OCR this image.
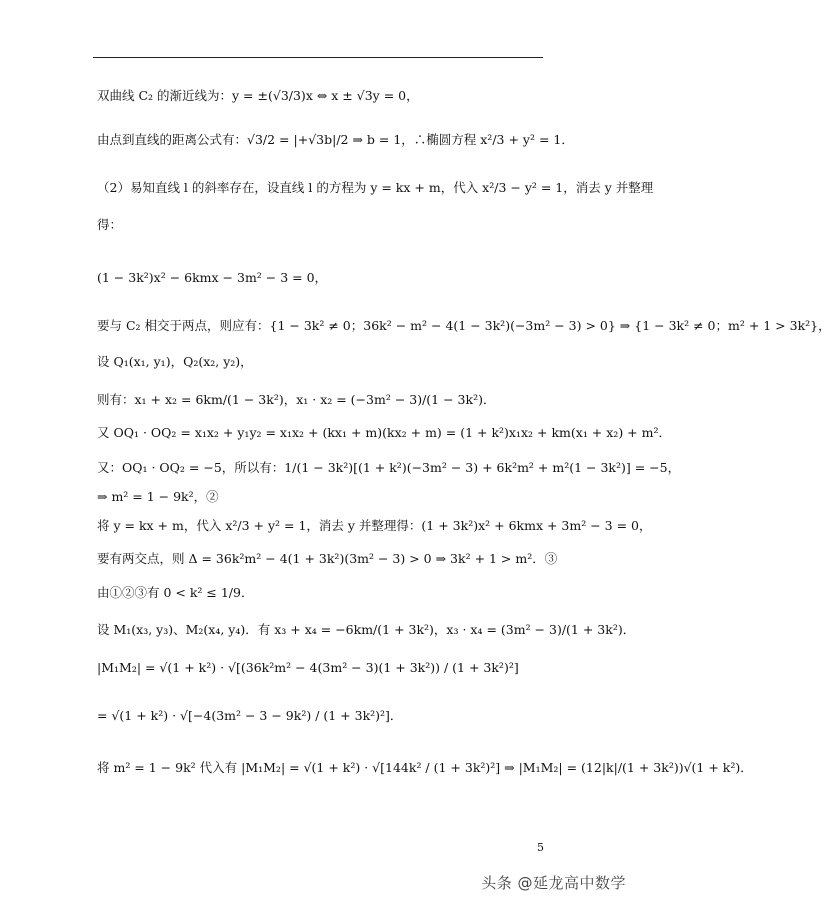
双曲线 C₂ 的渐近线为：y = ±(√3/3)x ⇔ x ± √3y = 0，
由点到直线的距离公式有：√3/2 = |+√3b|/2 ⇒ b = 1，∴椭圆方程 x²/3 + y² = 1．
（2）易知直线 l 的斜率存在，设直线 l 的方程为 y = kx + m，代入 x²/3 − y² = 1，消去 y 并整理
得：
(1 − 3k²)x² − 6kmx − 3m² − 3 = 0，
要与 C₂ 相交于两点，则应有：{1 − 3k² ≠ 0；36k² − m² − 4(1 − 3k²)(−3m² − 3) > 0} ⇒ {1 − 3k² ≠ 0；m² + 1 > 3k²}，
设 Q₁(x₁, y₁)，Q₂(x₂, y₂)，
则有：x₁ + x₂ = 6km/(1 − 3k²)，x₁ · x₂ = (−3m² − 3)/(1 − 3k²)．
又 OQ₁ · OQ₂ = x₁x₂ + y₁y₂ = x₁x₂ + (kx₁ + m)(kx₂ + m) = (1 + k²)x₁x₂ + km(x₁ + x₂) + m²．
又：OQ₁ · OQ₂ = −5，所以有：1/(1 − 3k²)[(1 + k²)(−3m² − 3) + 6k²m² + m²(1 − 3k²)] = −5，
⇒ m² = 1 − 9k²，②
将 y = kx + m，代入 x²/3 + y² = 1，消去 y 并整理得：(1 + 3k²)x² + 6kmx + 3m² − 3 = 0，
要有两交点，则 Δ = 36k²m² − 4(1 + 3k²)(3m² − 3) > 0 ⇒ 3k² + 1 > m²．③
由①②③有 0 < k² ≤ 1/9．
设 M₁(x₃, y₃)、M₂(x₄, y₄)．有 x₃ + x₄ = −6km/(1 + 3k²)，x₃ · x₄ = (3m² − 3)/(1 + 3k²)．
|M₁M₂| = √(1 + k²) · √[(36k²m² − 4(3m² − 3)(1 + 3k²)) / (1 + 3k²)²]
= √(1 + k²) · √[−4(3m² − 3 − 9k²) / (1 + 3k²)²]．
将 m² = 1 − 9k² 代入有 |M₁M₂| = √(1 + k²) · √[144k² / (1 + 3k²)²] ⇒ |M₁M₂| = (12|k|/(1 + 3k²))√(1 + k²)．
5
头条 @延龙高中数学
